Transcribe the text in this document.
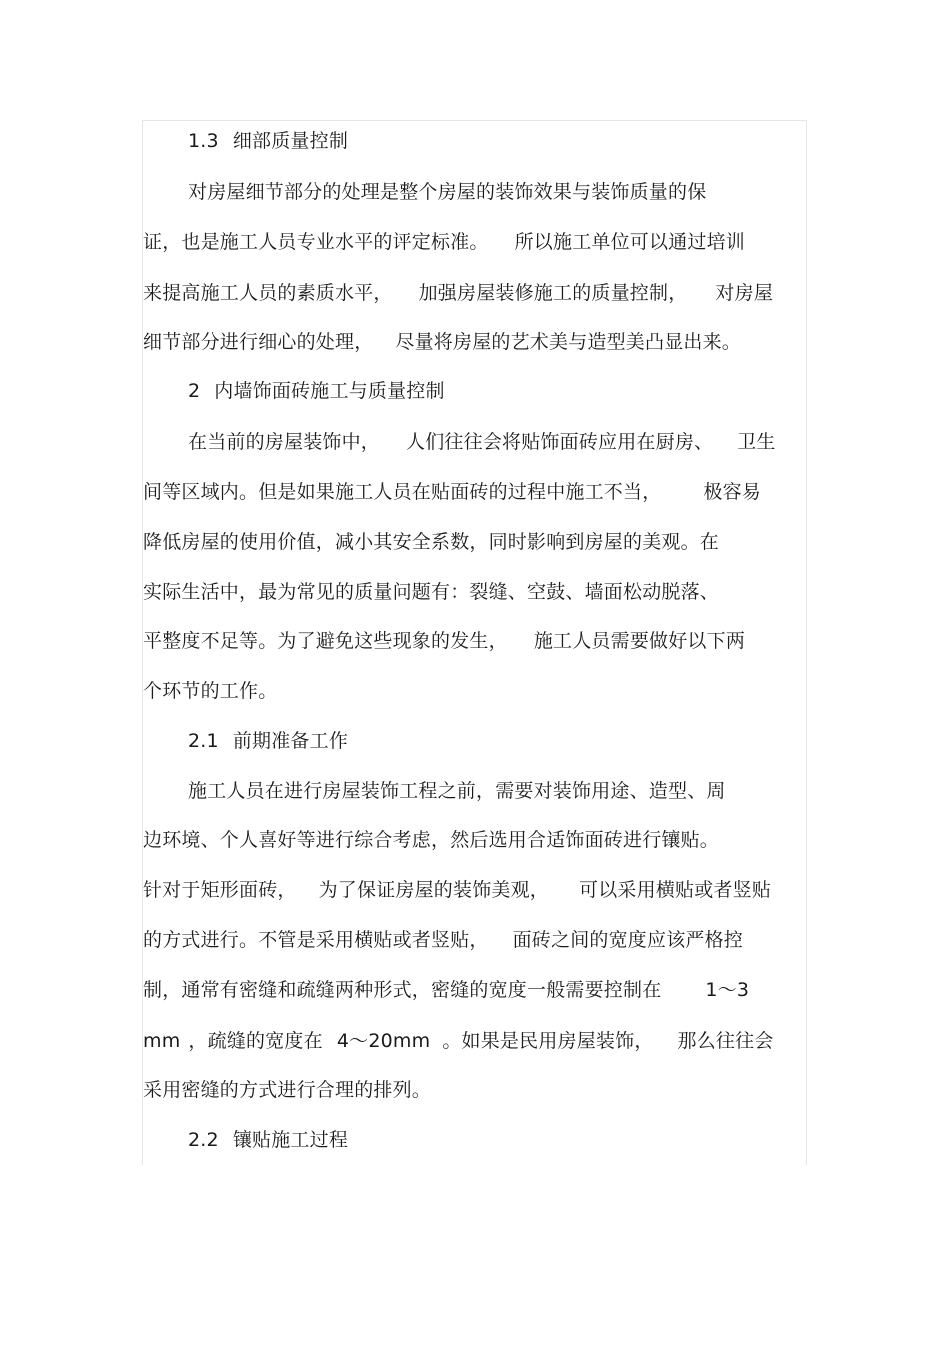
1.3 细部质量控制
对房屋细节部分的处理是整个房屋的装饰效果与装饰质量的保
证，也是施工人员专业水平的评定标准。 所以施工单位可以通过培训
来提高施工人员的素质水平， 加强房屋装修施工的质量控制， 对房屋
细节部分进行细心的处理， 尽量将房屋的艺术美与造型美凸显出来。
2 内墙饰面砖施工与质量控制
在当前的房屋装饰中， 人们往往会将贴饰面砖应用在厨房、 卫生
间等区域内。但是如果施工人员在贴面砖的过程中施工不当， 极容易
降低房屋的使用价值，减小其安全系数，同时影响到房屋的美观。在
实际生活中，最为常见的质量问题有：裂缝、空鼓、墙面松动脱落、
平整度不足等。为了避免这些现象的发生， 施工人员需要做好以下两
个环节的工作。
2.1 前期准备工作
施工人员在进行房屋装饰工程之前，需要对装饰用途、造型、周
边环境、个人喜好等进行综合考虑，然后选用合适饰面砖进行镶贴。
针对于矩形面砖， 为了保证房屋的装饰美观， 可以采用横贴或者竖贴
的方式进行。不管是采用横贴或者竖贴， 面砖之间的宽度应该严格控
制，通常有密缝和疏缝两种形式，密缝的宽度一般需要控制在 1～3
mm ，疏缝的宽度在 4～20mm 。如果是民用房屋装饰， 那么往往会
采用密缝的方式进行合理的排列。
2.2 镶贴施工过程
